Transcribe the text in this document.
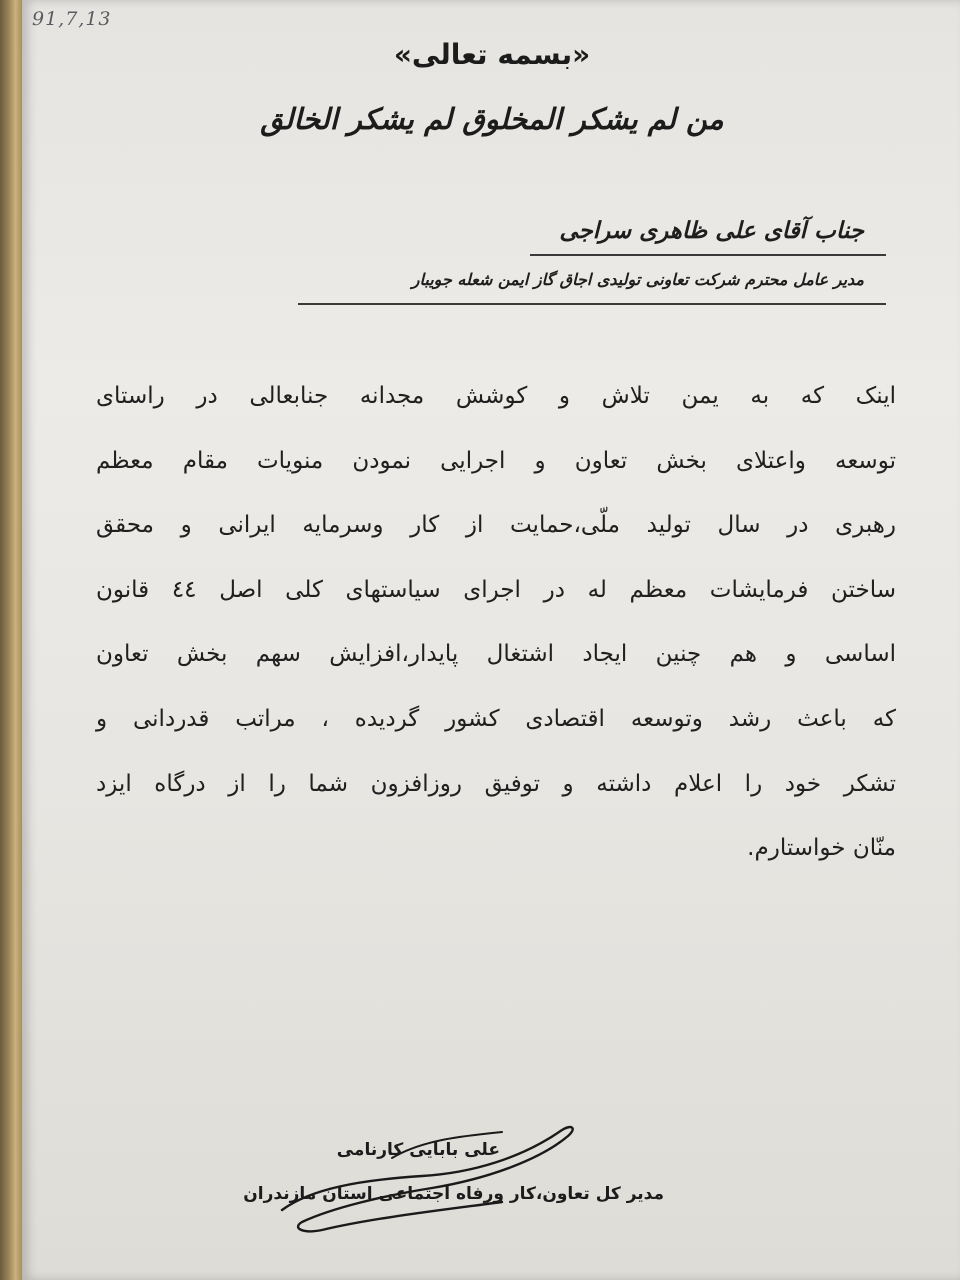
91,7,13
«بسمه تعالی»
من لم یشکر المخلوق لم یشکر الخالق
جناب آقای علی ظاهری سراجی
مدیر عامل محترم شرکت تعاونی تولیدی اجاق گاز ایمن شعله جویبار
اینک که به یمن تلاش و کوشش مجدانه جنابعالی در راستای
توسعه واعتلای بخش تعاون و اجرایی نمودن منویات مقام معظم
رهبری در سال تولید ملّی،حمایت از کار وسرمایه ایرانی و محقق
ساختن فرمایشات معظم له در اجرای سیاستهای کلی اصل ٤٤ قانون
اساسی و هم چنین ایجاد اشتغال پایدار،افزایش سهم بخش تعاون
که باعث رشد وتوسعه اقتصادی کشور گردیده ، مراتب قدردانی و
تشکر خود را اعلام داشته و توفیق روزافزون شما را از درگاه ایزد
منّان خواستارم.
علی بابایی کارنامی
مدیر کل تعاون،کار ورفاه اجتماعی استان مازندران
